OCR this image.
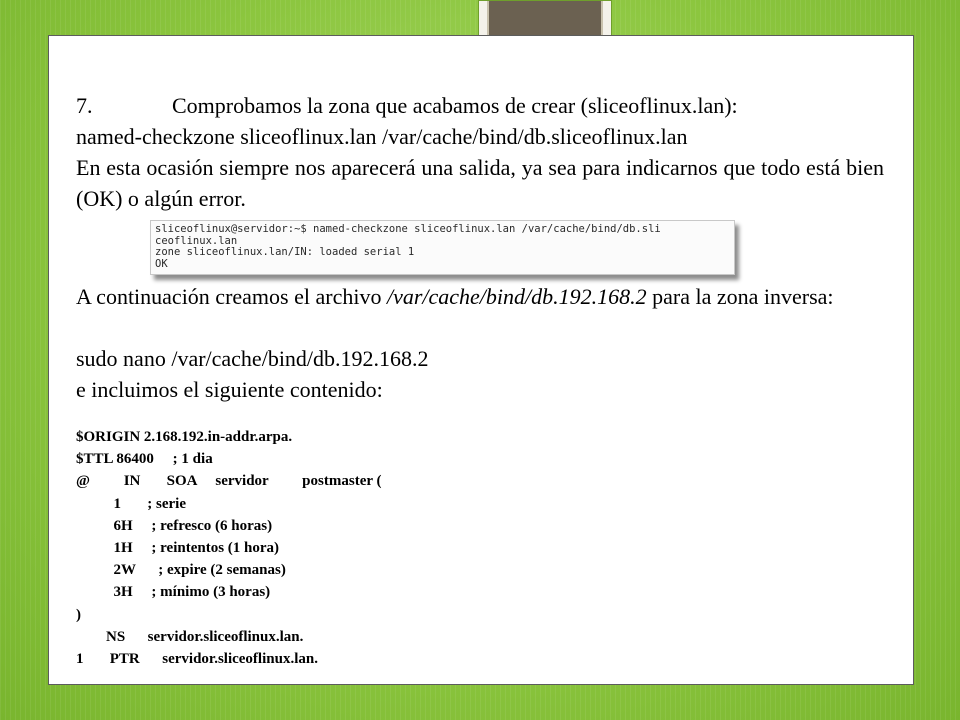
7.	Comprobamos la zona que acabamos de crear (sliceoflinux.lan):

named-checkzone sliceoflinux.lan /var/cache/bind/db.sliceoflinux.lan

En esta ocasión siempre nos aparecerá una salida, ya sea para indicarnos que todo está bien (OK) o algún error.

sliceoflinux@servidor:~$ named-checkzone sliceoflinux.lan /var/cache/bind/db.sli
ceoflinux.lan
zone sliceoflinux.lan/IN: loaded serial 1
OK

A continuación creamos el archivo /var/cache/bind/db.192.168.2 para la zona inversa:

sudo nano /var/cache/bind/db.192.168.2

e incluimos el siguiente contenido:

$ORIGIN 2.168.192.in-addr.arpa.
$TTL 86400     ; 1 dia
@         IN       SOA     servidor         postmaster (
1       ; serie
6H     ; refresco (6 horas)
1H     ; reintentos (1 hora)
2W      ; expire (2 semanas)
3H     ; mínimo (3 horas)
)
NS      servidor.sliceoflinux.lan.
1       PTR      servidor.sliceoflinux.lan.
